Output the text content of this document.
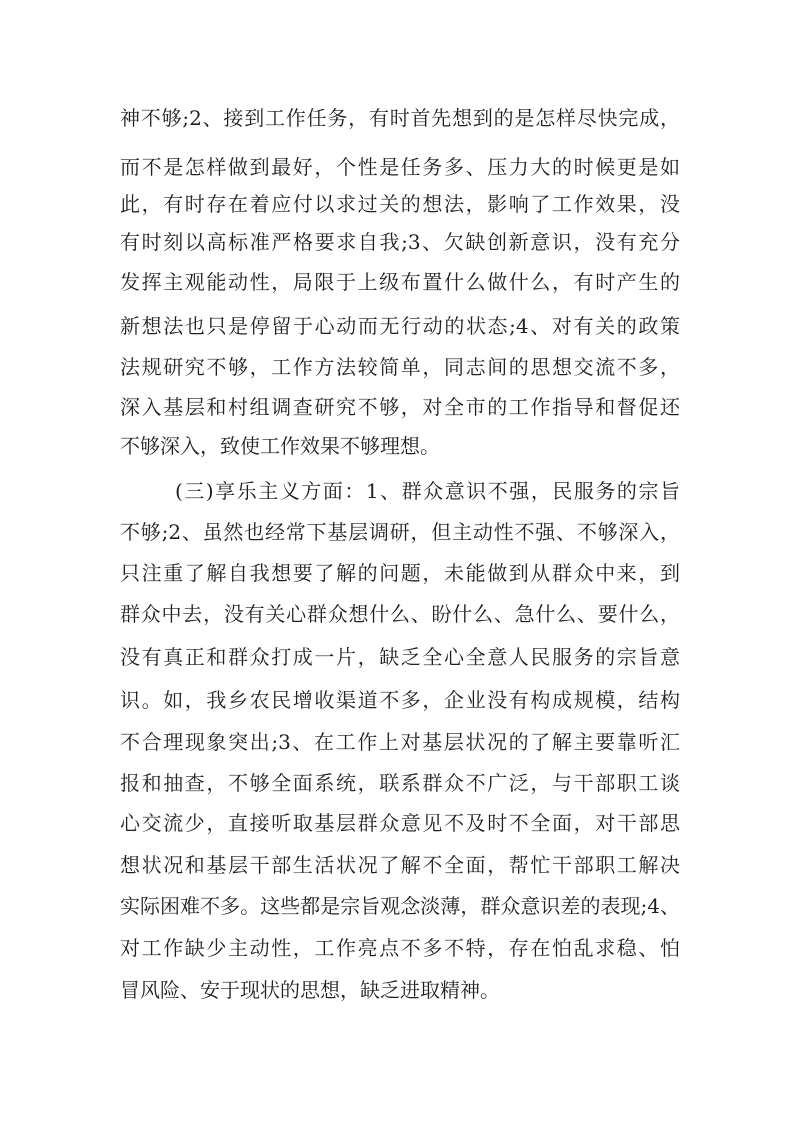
神不够;2、接到工作任务，有时首先想到的是怎样尽快完成，
而不是怎样做到最好，个性是任务多、压力大的时候更是如
此，有时存在着应付以求过关的想法，影响了工作效果，没
有时刻以高标准严格要求自我;3、欠缺创新意识，没有充分
发挥主观能动性，局限于上级布置什么做什么，有时产生的
新想法也只是停留于心动而无行动的状态;4、对有关的政策
法规研究不够，工作方法较简单，同志间的思想交流不多，
深入基层和村组调查研究不够，对全市的工作指导和督促还
不够深入，致使工作效果不够理想。
(三)享乐主义方面：1、群众意识不强，民服务的宗旨
不够;2、虽然也经常下基层调研，但主动性不强、不够深入，
只注重了解自我想要了解的问题，未能做到从群众中来，到
群众中去，没有关心群众想什么、盼什么、急什么、要什么，
没有真正和群众打成一片，缺乏全心全意人民服务的宗旨意
识。如，我乡农民增收渠道不多，企业没有构成规模，结构
不合理现象突出;3、在工作上对基层状况的了解主要靠听汇
报和抽查，不够全面系统，联系群众不广泛，与干部职工谈
心交流少，直接听取基层群众意见不及时不全面，对干部思
想状况和基层干部生活状况了解不全面，帮忙干部职工解决
实际困难不多。这些都是宗旨观念淡薄，群众意识差的表现;4、
对工作缺少主动性，工作亮点不多不特，存在怕乱求稳、怕
冒风险、安于现状的思想，缺乏进取精神。
